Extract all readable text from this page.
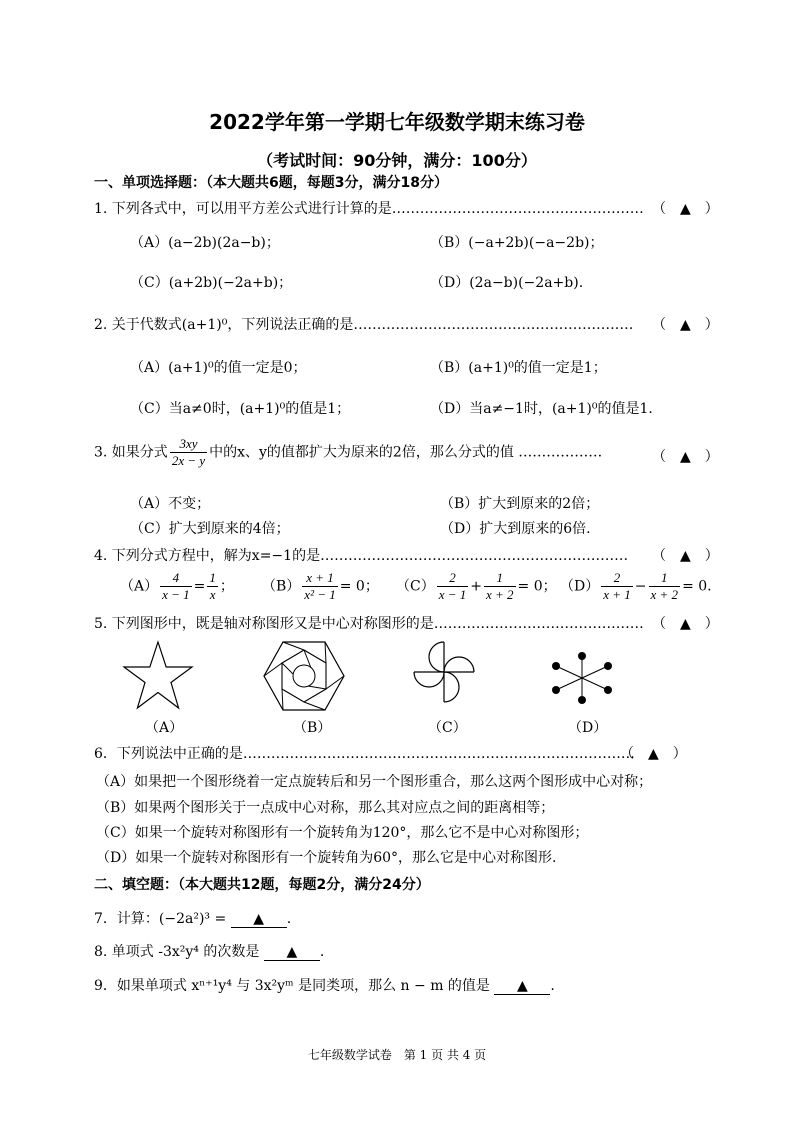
2022学年第一学期七年级数学期末练习卷
（考试时间：90分钟，满分：100分）
一、单项选择题：（本大题共6题，每题3分，满分18分）
1. 下列各式中，可以用平方差公式进行计算的是……………………………………………… （　▲　）
（A）(a−2b)(2a−b)；	（B）(−a+2b)(−a−2b)；
（C）(a+2b)(−2a+b)；	（D）(2a−b)(−2a+b).
2. 关于代数式(a+1)⁰，下列说法正确的是…………………………………………………… （　▲　）
（A）(a+1)⁰的值一定是0；	（B）(a+1)⁰的值一定是1；
（C）当a≠0时，(a+1)⁰的值是1；	（D）当a≠−1时，(a+1)⁰的值是1.
3. 如果分式 $\frac{3xy}{2x - y}$ 中的x、y的值都扩大为原来的2倍，那么分式的值 ………………	（　▲　）
（A）不变；	（B）扩大到原来的2倍；
（C）扩大到原来的4倍；	（D）扩大到原来的6倍.
4. 下列分式方程中，解为x=−1的是………………………………………………………… （　▲　）
$(A) \frac{4}{x - 1} = \frac{1}{x}$ ； $(B) \frac{x + 1}{\text{x² − 1}} = 0$； $(C) \frac{2}{x - 1} + \frac{1}{x + 2} = 0$； $(D) \frac{2}{x + 1} - \frac{1}{x + 2} = 0$.
5. 下列图形中，既是轴对称图形又是中心对称图形的是……………………………………… （　▲　）
（A）	（B）	（C）	（D）
6．下列说法中正确的是…………………………………………………………………………
（　▲　）
（A）如果把一个图形绕着一定点旋转后和另一个图形重合，那么这两个图形成中心对称；
（B）如果两个图形关于一点成中心对称，那么其对应点之间的距离相等；
（C）如果一个旋转对称图形有一个旋转角为120°，那么它不是中心对称图形；
（D）如果一个旋转对称图形有一个旋转角为60°，那么它是中心对称图形.
二、填空题：（本大题共12题，每题2分，满分24分）
7．计算：(−2a²)³ = ▲ .
8. 单项式 -3x²y⁴ 的次数是 ▲ .
9．如果单项式 xⁿ⁺¹y⁴ 与 3x²yᵐ 是同类项，那么 n − m 的值是 ▲ .
七年级数学试卷　第 1 页 共 4 页
